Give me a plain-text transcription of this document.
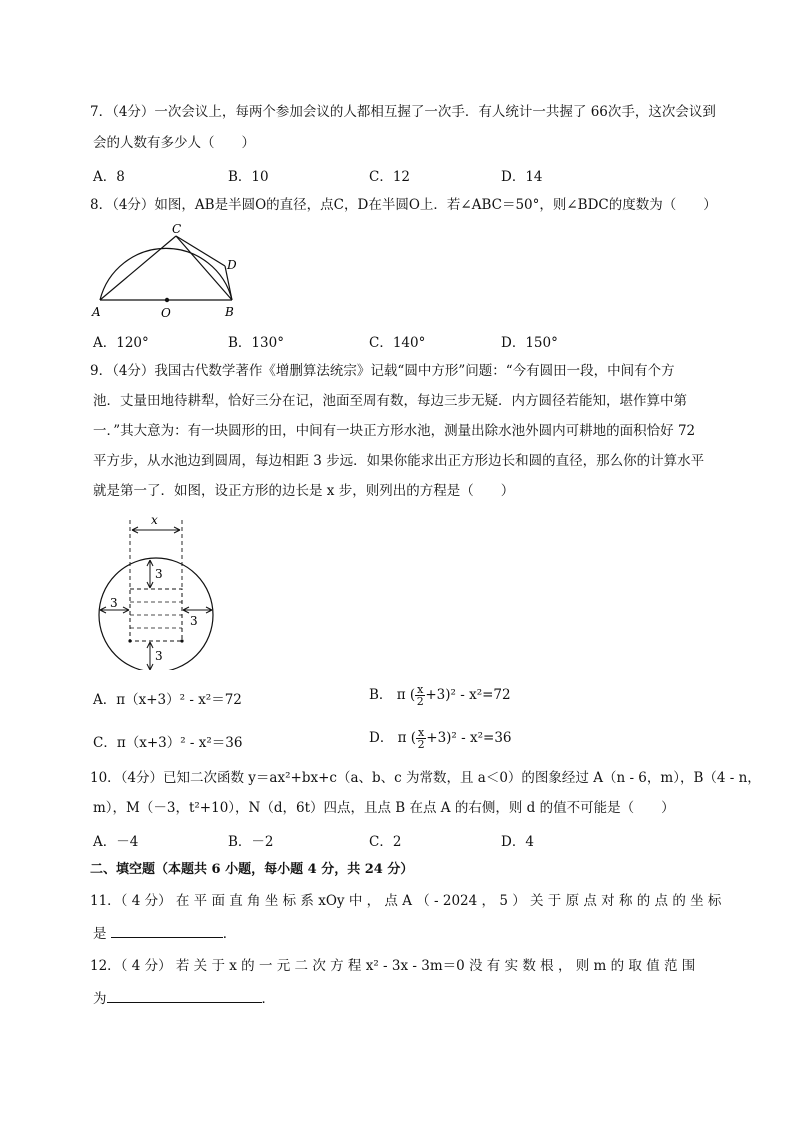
7．（4分）一次会议上，每两个参加会议的人都相互握了一次手．有人统计一共握了 66次手，这次会议到
会的人数有多少人（　　）
A．8	B．10	C．12	D．14
8．（4分）如图，AB是半圆O的直径，点C，D在半圆O上．若∠ABC＝50°，则∠BDC的度数为（　　）
A	O	B
C
D
A．120°	B．130°	C．140°	D．150°
9．（4分）我国古代数学著作《增删算法统宗》记载“圆中方形”问题：“今有圆田一段，中间有个方
池．丈量田地待耕犁，恰好三分在记，池面至周有数，每边三步无疑．内方圆径若能知，堪作算中第
一．”其大意为：有一块圆形的田，中间有一块正方形水池，测量出除水池外圆内可耕地的面积恰好 72
平方步，从水池边到圆周，每边相距 3 步远．如果你能求出正方形边长和圆的直径，那么你的计算水平
就是第一了．如图，设正方形的边长是 x 步，则列出的方程是（　　）
x
3
3
3
3
A．π（x+3）² - x²＝72	B． π ( $\frac{x}{2} +3)^2 - x^2=72$
C．π（x+3）² - x²＝36	D． π ( $\frac{x}{2} +3)^2 - x^2=36$
10．（4分）已知二次函数 y＝ax²+bx+c（a、b、c 为常数，且 a＜0）的图象经过 A（n - 6，m），B（4 - n，
m），M（－3，t²+10），N（d，6t）四点，且点 B 在点 A 的右侧，则 d 的值不可能是（　　）
A．－4	B．－2	C．2	D．4
二、填空题（本题共 6 小题，每小题 4 分，共 24 分）
11．（ 4 分） 在 平 面 直 角 坐 标 系 xOy 中 ， 点 A （ - 2024 ， 5 ） 关 于 原 点 对 称 的 点 的 坐 标
是	．
12．（ 4 分） 若 关 于 x 的 一 元 二 次 方 程 x² - 3x - 3m＝0 没 有 实 数 根 ， 则 m 的 取 值 范 围
为	．
